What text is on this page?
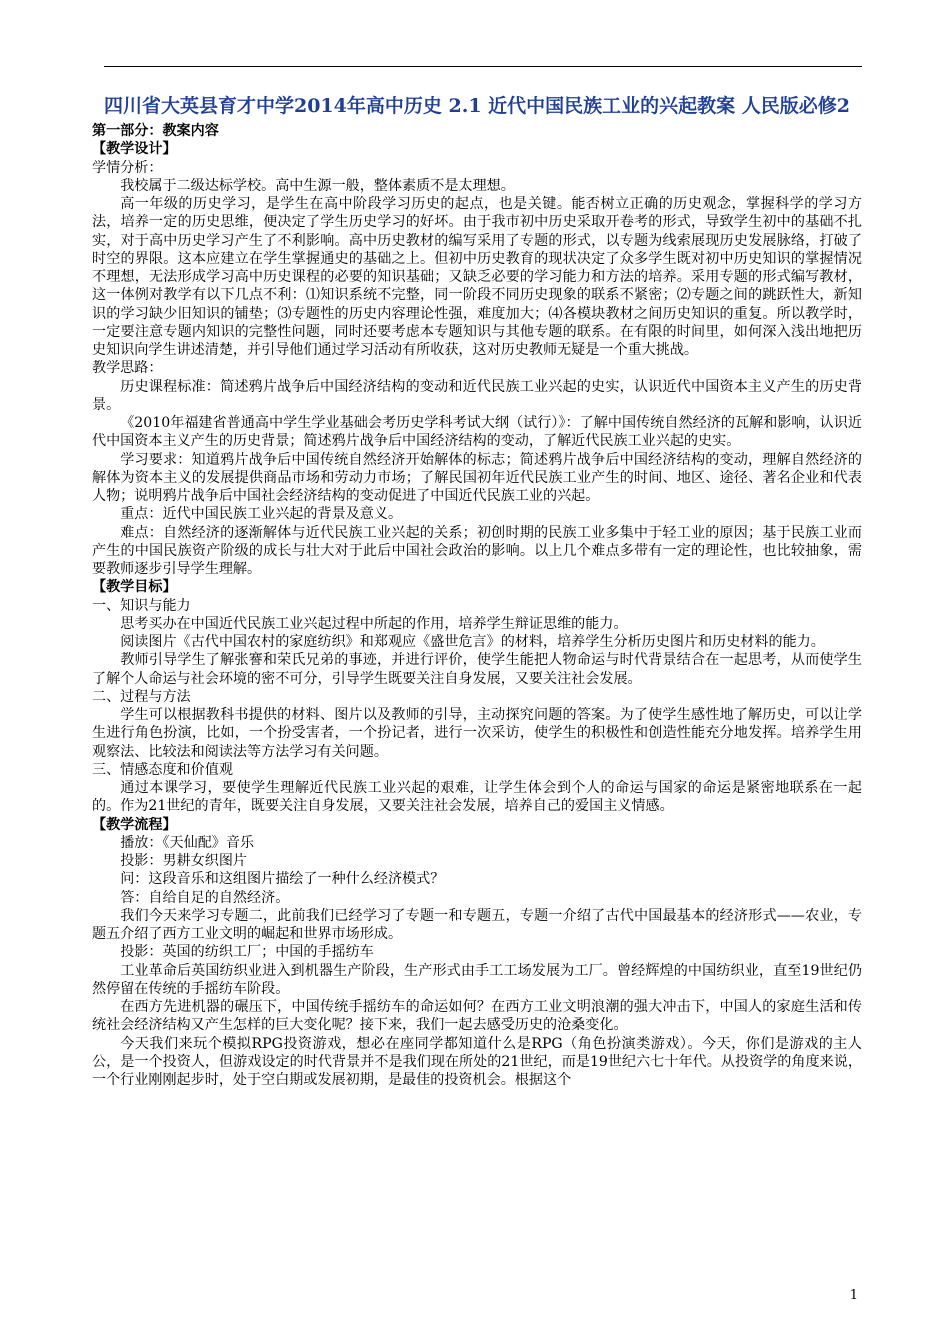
四川省大英县育才中学2014年高中历史 2.1 近代中国民族工业的兴起教案 人民版必修2

第一部分：教案内容

【教学设计】

学情分析：

我校属于二级达标学校。高中生源一般，整体素质不是太理想。

高一年级的历史学习，是学生在高中阶段学习历史的起点，也是关键。能否树立正确的历史观念，掌握科学的学习方法，培养一定的历史思维，便决定了学生历史学习的好坏。由于我市初中历史采取开卷考的形式，导致学生初中的基础不扎实，对于高中历史学习产生了不利影响。高中历史教材的编写采用了专题的形式，以专题为线索展现历史发展脉络，打破了时空的界限。这本应建立在学生掌握通史的基础之上。但初中历史教育的现状决定了众多学生既对初中历史知识的掌握情况不理想，无法形成学习高中历史课程的必要的知识基础；又缺乏必要的学习能力和方法的培养。采用专题的形式编写教材，这一体例对教学有以下几点不利：⑴知识系统不完整，同一阶段不同历史现象的联系不紧密；⑵专题之间的跳跃性大，新知识的学习缺少旧知识的铺垫；⑶专题性的历史内容理论性强，难度加大；⑷各模块教材之间历史知识的重复。所以教学时，一定要注意专题内知识的完整性问题，同时还要考虑本专题知识与其他专题的联系。在有限的时间里，如何深入浅出地把历史知识向学生讲述清楚，并引导他们通过学习活动有所收获，这对历史教师无疑是一个重大挑战。

教学思路：

历史课程标准：简述鸦片战争后中国经济结构的变动和近代民族工业兴起的史实，认识近代中国资本主义产生的历史背景。

《2010年福建省普通高中学生学业基础会考历史学科考试大纲（试行）》：了解中国传统自然经济的瓦解和影响，认识近代中国资本主义产生的历史背景；简述鸦片战争后中国经济结构的变动，了解近代民族工业兴起的史实。

学习要求：知道鸦片战争后中国传统自然经济开始解体的标志；简述鸦片战争后中国经济结构的变动，理解自然经济的解体为资本主义的发展提供商品市场和劳动力市场；了解民国初年近代民族工业产生的时间、地区、途径、著名企业和代表人物；说明鸦片战争后中国社会经济结构的变动促进了中国近代民族工业的兴起。

重点：近代中国民族工业兴起的背景及意义。

难点：自然经济的逐渐解体与近代民族工业兴起的关系；初创时期的民族工业多集中于轻工业的原因；基于民族工业而产生的中国民族资产阶级的成长与壮大对于此后中国社会政治的影响。以上几个难点多带有一定的理论性，也比较抽象，需要教师逐步引导学生理解。

【教学目标】

一、知识与能力

思考买办在中国近代民族工业兴起过程中所起的作用，培养学生辩证思维的能力。

阅读图片《古代中国农村的家庭纺织》和郑观应《盛世危言》的材料，培养学生分析历史图片和历史材料的能力。

教师引导学生了解张謇和荣氏兄弟的事迹，并进行评价，使学生能把人物命运与时代背景结合在一起思考，从而使学生了解个人命运与社会环境的密不可分，引导学生既要关注自身发展，又要关注社会发展。

二、过程与方法

学生可以根据教科书提供的材料、图片以及教师的引导，主动探究问题的答案。为了使学生感性地了解历史，可以让学生进行角色扮演，比如，一个扮受害者，一个扮记者，进行一次采访，使学生的积极性和创造性能充分地发挥。培养学生用观察法、比较法和阅读法等方法学习有关问题。

三、情感态度和价值观

通过本课学习，要使学生理解近代民族工业兴起的艰难，让学生体会到个人的命运与国家的命运是紧密地联系在一起的。作为21世纪的青年，既要关注自身发展，又要关注社会发展，培养自己的爱国主义情感。

【教学流程】

播放：《天仙配》音乐

投影：男耕女织图片

问：这段音乐和这组图片描绘了一种什么经济模式？

答：自给自足的自然经济。

我们今天来学习专题二，此前我们已经学习了专题一和专题五，专题一介绍了古代中国最基本的经济形式——农业，专题五介绍了西方工业文明的崛起和世界市场形成。

投影：英国的纺织工厂；中国的手摇纺车

工业革命后英国纺织业进入到机器生产阶段，生产形式由手工工场发展为工厂。曾经辉煌的中国纺织业，直至19世纪仍然停留在传统的手摇纺车阶段。

在西方先进机器的碾压下，中国传统手摇纺车的命运如何？在西方工业文明浪潮的强大冲击下，中国人的家庭生活和传统社会经济结构又产生怎样的巨大变化呢？接下来，我们一起去感受历史的沧桑变化。

今天我们来玩个模拟RPG投资游戏，想必在座同学都知道什么是RPG（角色扮演类游戏）。今天，你们是游戏的主人公，是一个投资人，但游戏设定的时代背景并不是我们现在所处的21世纪，而是19世纪六七十年代。从投资学的角度来说，一个行业刚刚起步时，处于空白期或发展初期，是最佳的投资机会。根据这个

1
